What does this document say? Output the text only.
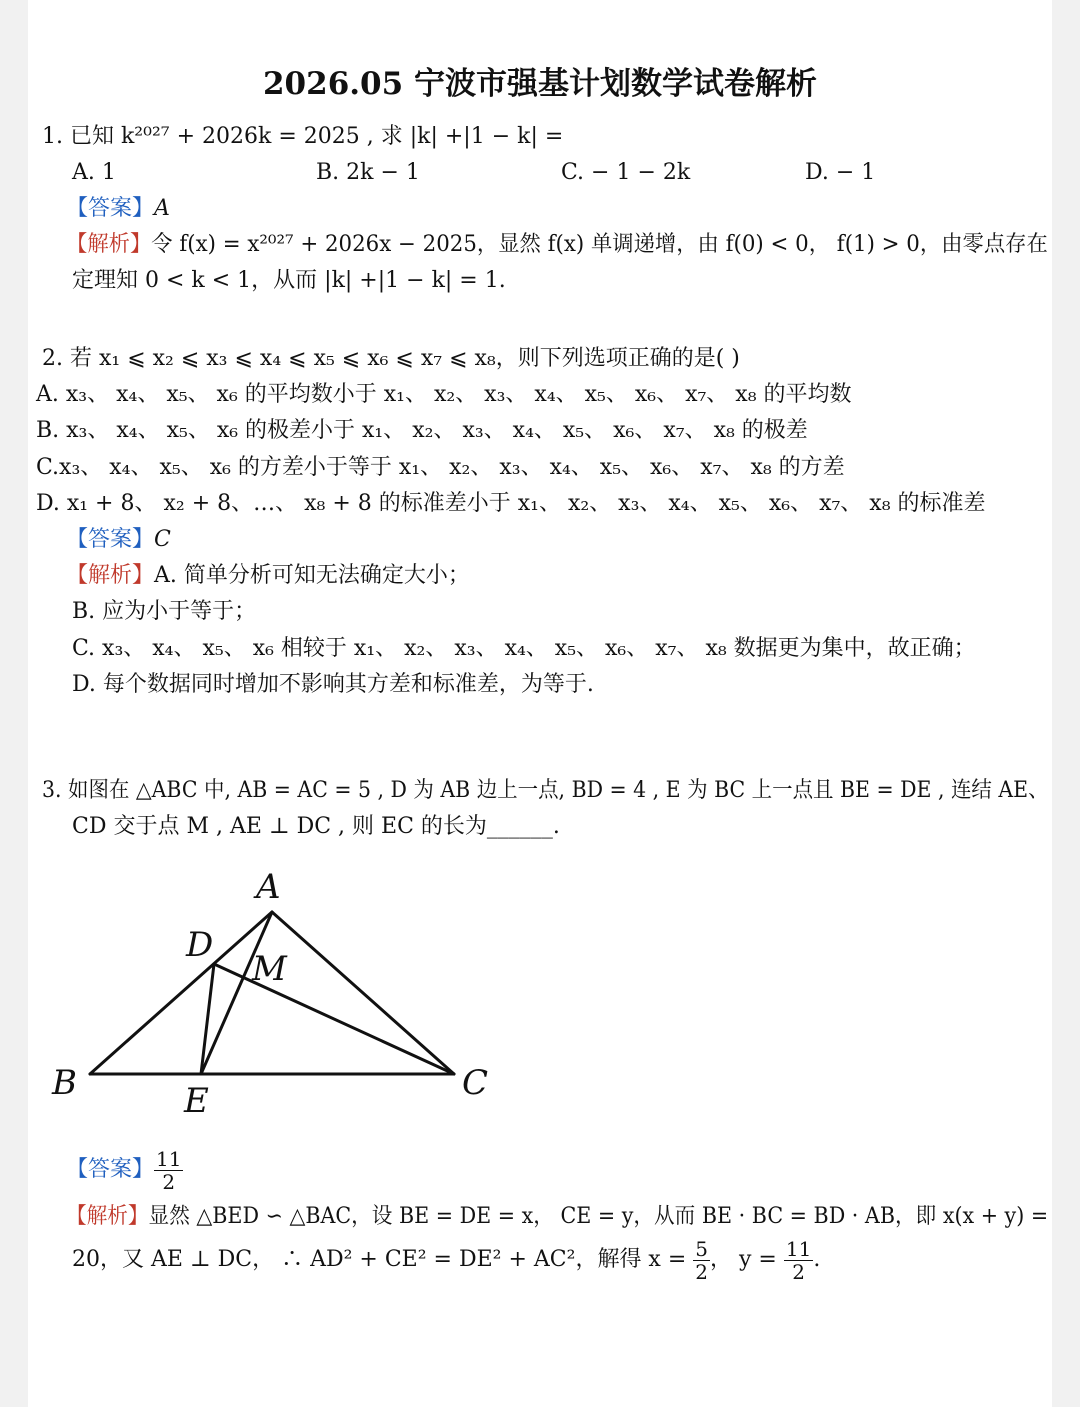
2026.05 宁波市强基计划数学试卷解析
1. 已知 k²⁰²⁷ + 2026k = 2025 , 求 |k| +|1 − k| =
A. 1	B. 2k − 1	C. − 1 − 2k	D. − 1
【答案】A
【解析】令 f(x) = x²⁰²⁷ + 2026x − 2025，显然 f(x) 单调递增，由 f(0) < 0， f(1) > 0，由零点存在
定理知 0 < k < 1，从而 |k| +|1 − k| = 1.
2. 若 x₁ ⩽ x₂ ⩽ x₃ ⩽ x₄ ⩽ x₅ ⩽ x₆ ⩽ x₇ ⩽ x₈，则下列选项正确的是( )
A. x₃、 x₄、 x₅、 x₆ 的平均数小于 x₁、 x₂、 x₃、 x₄、 x₅、 x₆、 x₇、 x₈ 的平均数
B. x₃、 x₄、 x₅、 x₆ 的极差小于 x₁、 x₂、 x₃、 x₄、 x₅、 x₆、 x₇、 x₈ 的极差
C.x₃、 x₄、 x₅、 x₆ 的方差小于等于 x₁、 x₂、 x₃、 x₄、 x₅、 x₆、 x₇、 x₈ 的方差
D. x₁ + 8、 x₂ + 8、…、 x₈ + 8 的标准差小于 x₁、 x₂、 x₃、 x₄、 x₅、 x₆、 x₇、 x₈ 的标准差
【答案】C
【解析】A. 简单分析可知无法确定大小；
B. 应为小于等于；
C. x₃、 x₄、 x₅、 x₆ 相较于 x₁、 x₂、 x₃、 x₄、 x₅、 x₆、 x₇、 x₈ 数据更为集中，故正确；
D. 每个数据同时增加不影响其方差和标准差，为等于.
3. 如图在 △ABC 中, AB = AC = 5 , D 为 AB 边上一点, BD = 4 , E 为 BC 上一点且 BE = DE , 连结 AE、
CD 交于点 M , AE ⊥ DC , 则 EC 的长为______.
A
B	C
D
E
M
【答案】 $\frac{11}{2}$
【解析】显然 △BED ∽ △BAC，设 BE = DE = x， CE = y，从而 BE · BC = BD · AB，即 x(x + y) =
20，又 AE ⊥ DC， ∴ AD² + CE² = DE² + AC²，解得 $x = \frac{5}{2}$ ， $y = \frac{11}{2}$ .
